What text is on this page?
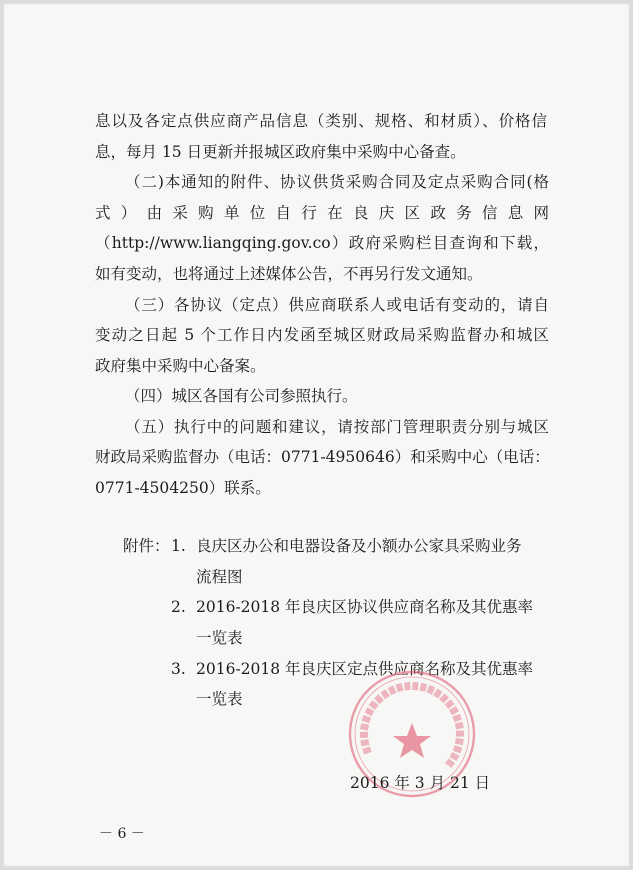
息以及各定点供应商产品信息（类别、规格、和材质）、价格信
息，每月 15 日更新并报城区政府集中采购中心备查。
（二)本通知的附件、协议供货采购合同及定点采购合同(格
式 ） 由 采 购 单 位 自 行 在 良 庆 区 政 务 信 息 网
（http://www.liangqing.gov.co）政府采购栏目查询和下载，
如有变动，也将通过上述媒体公告，不再另行发文通知。
（三）各协议（定点）供应商联系人或电话有变动的，请自
变动之日起 5 个工作日内发函至城区财政局采购监督办和城区
政府集中采购中心备案。
（四）城区各国有公司参照执行。
（五）执行中的问题和建议，请按部门管理职责分别与城区
财政局采购监督办（电话：0771-4950646）和采购中心（电话：
0771-4504250）联系。
附件： 1. 良庆区办公和电器设备及小额办公家具采购业务
流程图
2. 2016-2018 年良庆区协议供应商名称及其优惠率
一览表
3. 2016-2018 年良庆区定点供应商名称及其优惠率
一览表
2016 年 3 月 21 日
－ 6 －
